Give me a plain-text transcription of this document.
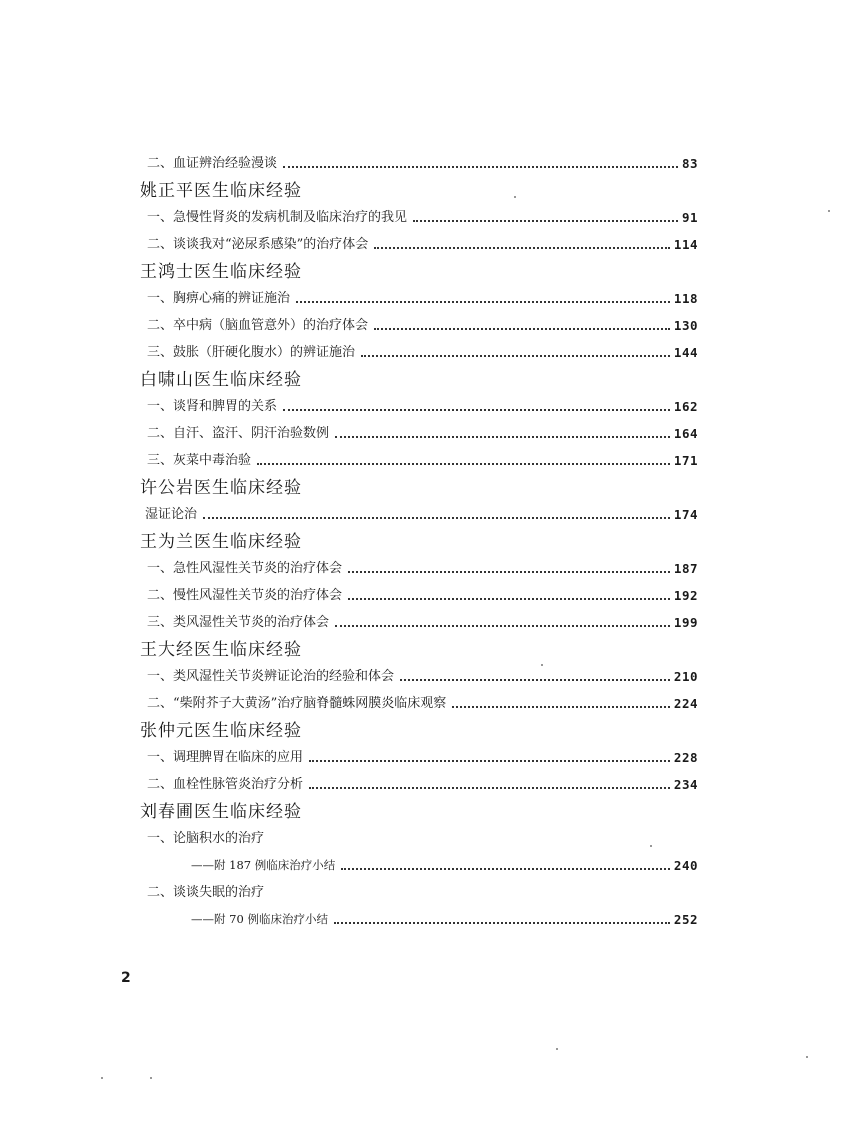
二、血证辨治经验漫谈	83
姚正平医生临床经验
一、急慢性肾炎的发病机制及临床治疗的我见	91
二、谈谈我对“泌尿系感染”的治疗体会	114
王鸿士医生临床经验
一、胸痹心痛的辨证施治	118
二、卒中病（脑血管意外）的治疗体会	130
三、鼓胀（肝硬化腹水）的辨证施治	144
白啸山医生临床经验
一、谈肾和脾胃的关系	162
二、自汗、盗汗、阴汗治验数例	164
三、灰菜中毒治验	171
许公岩医生临床经验
湿证论治	174
王为兰医生临床经验
一、急性风湿性关节炎的治疗体会	187
二、慢性风湿性关节炎的治疗体会	192
三、类风湿性关节炎的治疗体会	199
王大经医生临床经验
一、类风湿性关节炎辨证论治的经验和体会	210
二、“柴附芥子大黄汤”治疗脑脊髓蛛网膜炎临床观察	224
张仲元医生临床经验
一、调理脾胃在临床的应用	228
二、血栓性脉管炎治疗分析	234
刘春圃医生临床经验
一、论脑积水的治疗
——附 187 例临床治疗小结	240
二、谈谈失眠的治疗
——附 70 例临床治疗小结	252
2
